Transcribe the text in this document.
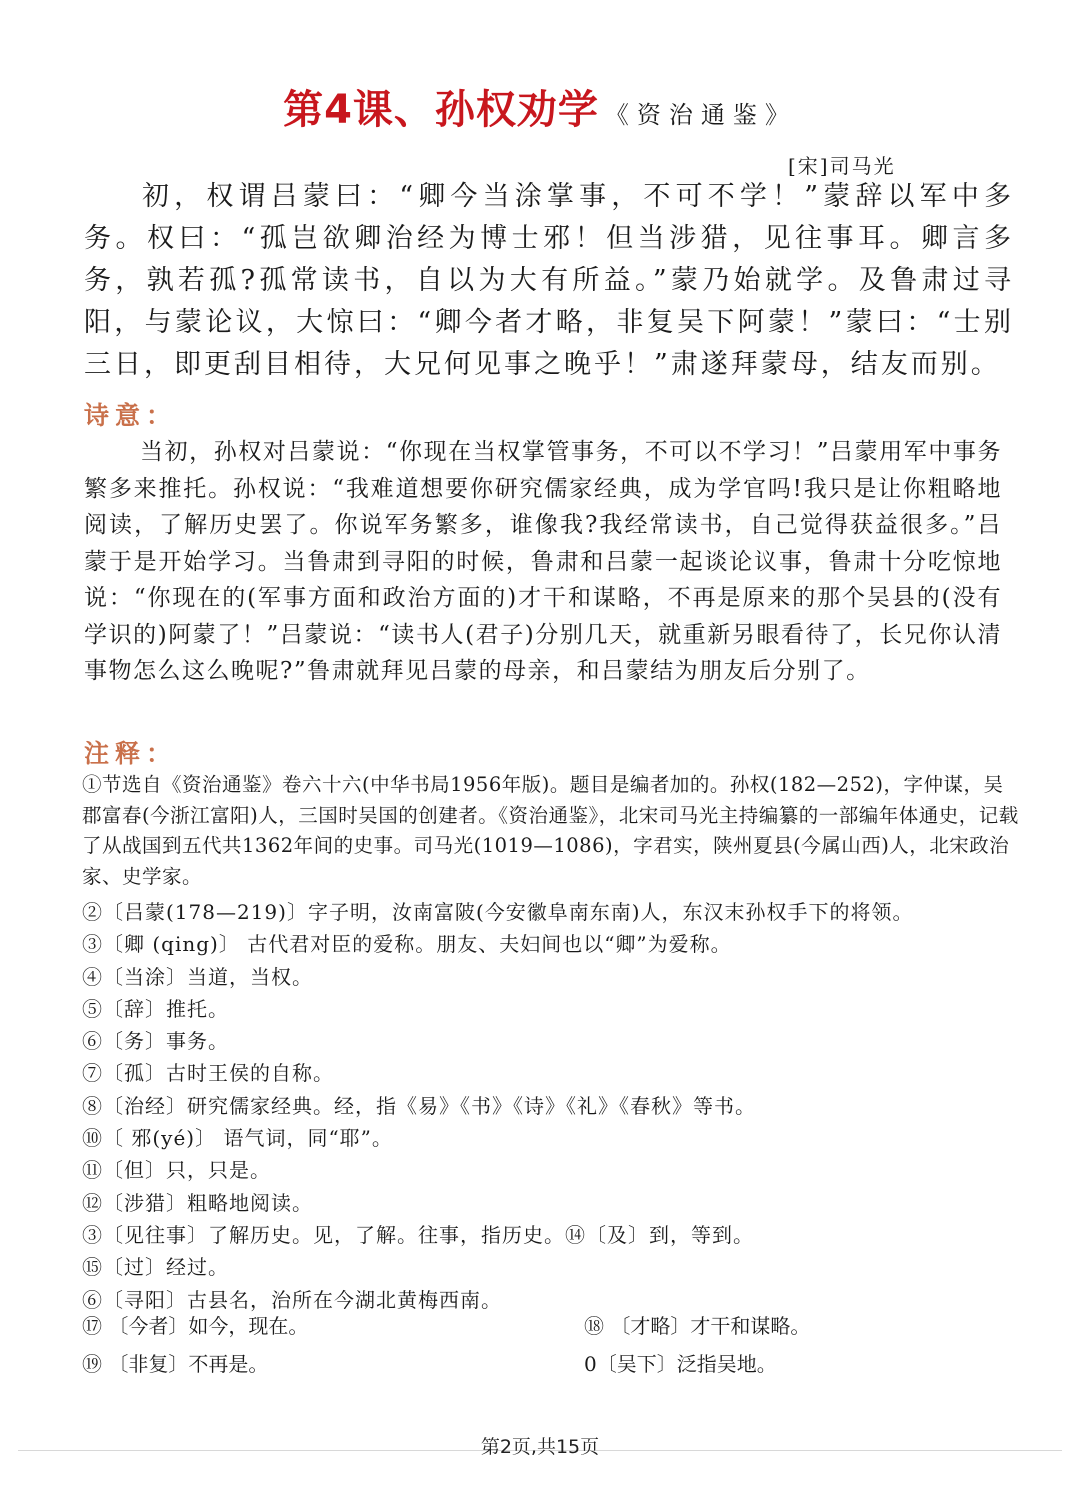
第4课、孙权劝学 《资治通鉴》
[宋]司马光

初，权谓吕蒙曰：“卿今当涂掌事，不可不学！”蒙辞以军中多务。权曰：“孤岂欲卿治经为博士邪！但当涉猎，见往事耳。卿言多务，孰若孤?孤常读书，自以为大有所益。”蒙乃始就学。及鲁肃过寻阳，与蒙论议，大惊曰：“卿今者才略，非复吴下阿蒙！”蒙曰：“士别三日，即更刮目相待，大兄何见事之晚乎！”肃遂拜蒙母，结友而别。

诗意：

当初，孙权对吕蒙说：“你现在当权掌管事务，不可以不学习！”吕蒙用军中事务繁多来推托。孙权说：“我难道想要你研究儒家经典，成为学官吗!我只是让你粗略地阅读，了解历史罢了。你说军务繁多，谁像我?我经常读书，自己觉得获益很多。”吕蒙于是开始学习。当鲁肃到寻阳的时候，鲁肃和吕蒙一起谈论议事，鲁肃十分吃惊地说：“你现在的(军事方面和政治方面的)才干和谋略，不再是原来的那个吴县的(没有学识的)阿蒙了！”吕蒙说：“读书人(君子)分别几天，就重新另眼看待了，长兄你认清事物怎么这么晚呢?”鲁肃就拜见吕蒙的母亲，和吕蒙结为朋友后分别了。

注释：

①节选自《资治通鉴》卷六十六(中华书局1956年版)。题目是编者加的。孙权(182—252)，字仲谋，吴郡富春(今浙江富阳)人，三国时吴国的创建者。《资治通鉴》，北宋司马光主持编纂的一部编年体通史，记载了从战国到五代共1362年间的史事。司马光(1019—1086)，字君实，陕州夏县(今属山西)人，北宋政治家、史学家。

②〔吕蒙(178—219)〕字子明，汝南富陂(今安徽阜南东南)人，东汉末孙权手下的将领。

③〔卿 (qing)〕 古代君对臣的爱称。朋友、夫妇间也以“卿”为爱称。

④〔当涂〕当道，当权。

⑤〔辞〕推托。

⑥〔务〕事务。

⑦〔孤〕古时王侯的自称。

⑧〔治经〕研究儒家经典。经，指《易》《书》《诗》《礼》《春秋》等书。

⑩〔 邪(yé)〕 语气词，同“耶”。

⑪〔但〕只，只是。

⑫〔涉猎〕粗略地阅读。

③〔见往事〕了解历史。见，了解。往事，指历史。⑭〔及〕到，等到。

⑮〔过〕经过。

⑥〔寻阳〕古县名，治所在今湖北黄梅西南。

⑰ 〔今者〕如今，现在。	⑱ 〔才略〕才干和谋略。
⑲ 〔非复〕不再是。	0〔吴下〕泛指吴地。
第2页,共15页
